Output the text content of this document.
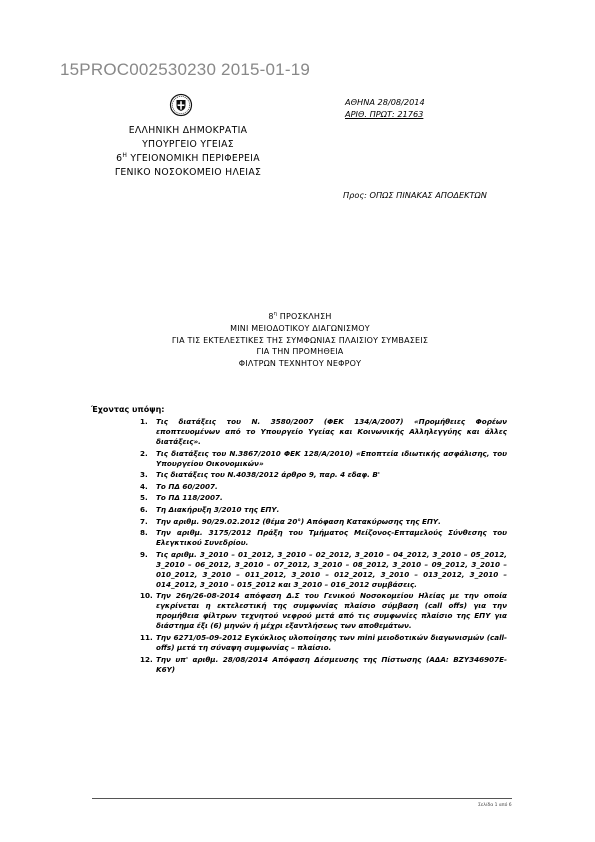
15PROC002530230 2015-01-19
ΕΛΛΗΝΙΚΗ ΔΗΜΟΚΡΑΤΙΑ
ΥΠΟΥΡΓΕΙΟ ΥΓΕΙΑΣ
$6^H$ ΥΓΕΙΟΝΟΜΙΚΗ ΠΕΡΙΦΕΡΕΙΑ
ΓΕΝΙΚΟ ΝΟΣΟΚΟΜΕΙΟ ΗΛΕΙΑΣ
ΑΘΗΝΑ 28/08/2014
ΑΡΙΘ. ΠΡΩΤ: 21763
Προς: ΟΠΩΣ ΠΙΝΑΚΑΣ ΑΠΟΔΕΚΤΩΝ
$8^\eta$ ΠΡΟΣΚΛΗΣΗ
ΜΙΝΙ ΜΕΙΟΔΟΤΙΚΟΥ ΔΙΑΓΩΝΙΣΜΟΥ
ΓΙΑ ΤΙΣ ΕΚΤΕΛΕΣΤΙΚΕΣ ΤΗΣ ΣΥΜΦΩΝΙΑΣ ΠΛΑΙΣΙΟΥ ΣΥΜΒΑΣΕΙΣ
ΓΙΑ ΤΗΝ ΠΡΟΜΗΘΕΙΑ
ΦΙΛΤΡΩΝ ΤΕΧΝΗΤΟΥ ΝΕΦΡΟΥ
Έχοντας υπόψη:
1. Τις διατάξεις του Ν. 3580/2007 (ΦΕΚ 134/Α/2007) «Προμήθειες Φορέων εποπτευομένων από το Υπουργείο Υγείας και Κοινωνικής Αλληλεγγύης και άλλες διατάξεις».
2. Τις διατάξεις του Ν.3867/2010 ΦΕΚ 128/Α/2010) «Εποπτεία ιδιωτικής ασφάλισης, του Υπουργείου Οικονομικών»
3. Τις διατάξεις του Ν.4038/2012 άρθρο 9, παρ. 4 εδαφ. Β'
4. Το ΠΔ 60/2007.
5. Το ΠΔ 118/2007.
6. Τη Διακήρυξη 3/2010 της ΕΠΥ.
7. Την αριθμ. 90/29.02.2012 (θέμα 20°) Απόφαση Κατακύρωσης της ΕΠΥ.
8. Την αριθμ. 3175/2012 Πράξη του Τμήματος Μείζονος-Επταμελούς Σύνθεσης του Ελεγκτικού Συνεδρίου.
9. Τις αριθμ. 3_2010 – 01_2012, 3_2010 – 02_2012, 3_2010 – 04_2012, 3_2010 – 05_2012, 3_2010 – 06_2012, 3_2010 – 07_2012, 3_2010 – 08_2012, 3_2010 – 09_2012, 3_2010 – 010_2012, 3_2010 – 011_2012, 3_2010 – 012_2012, 3_2010 – 013_2012, 3_2010 – 014_2012, 3_2010 – 015_2012 και 3_2010 – 016_2012 συμβάσεις.
10. Την 26η/26-08-2014 απόφαση Δ.Σ του Γενικού Νοσοκομείου Ηλείας με την οποία εγκρίνεται η εκτελεστική της συμφωνίας πλαίσιο σύμβαση (call offs) για την προμήθεια φίλτρων τεχνητού νεφρού μετά από τις συμφωνίες πλαίσιο της ΕΠΥ για διάστημα έξι (6) μηνών ή μέχρι εξαντλήσεως των αποθεμάτων.
11. Την 6271/05-09-2012 Εγκύκλιος υλοποίησης των mini μειοδοτικών διαγωνισμών (call-offs) μετά τη σύναψη συμφωνίας – πλαίσιο.
12. Την υπ' αριθμ. 28/08/2014 Απόφαση Δέσμευσης της Πίστωσης (ΑΔΑ: ΒΖΥ346907Ε-Κ6Υ)
Σελίδα 1 από 6
